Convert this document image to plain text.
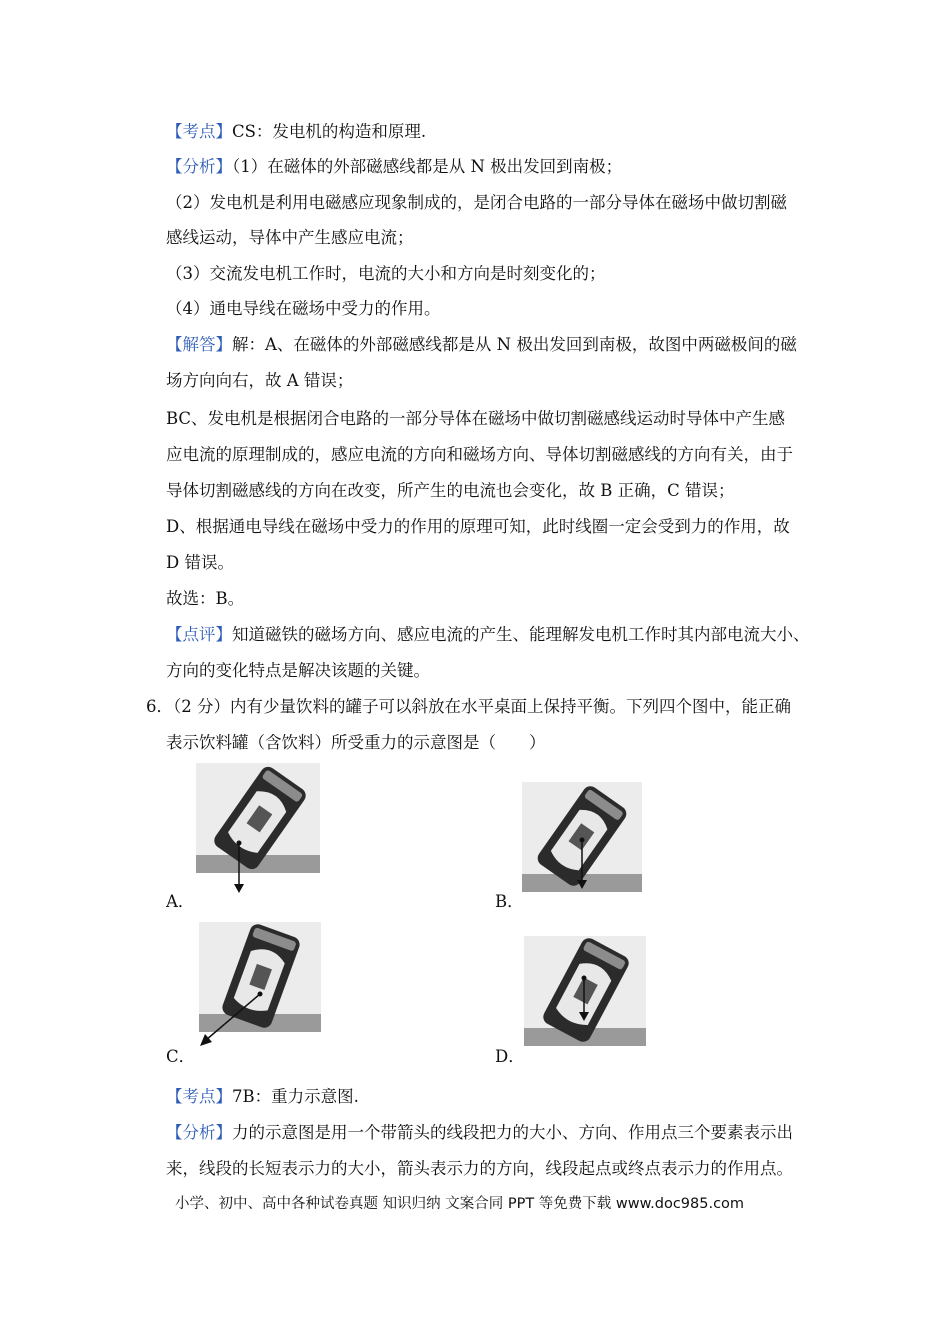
【考点】CS：发电机的构造和原理.
【分析】（1）在磁体的外部磁感线都是从 N 极出发回到南极；
（2）发电机是利用电磁感应现象制成的，是闭合电路的一部分导体在磁场中做切割磁
感线运动，导体中产生感应电流；
（3）交流发电机工作时，电流的大小和方向是时刻变化的；
（4）通电导线在磁场中受力的作用。
【解答】解：A、在磁体的外部磁感线都是从 N 极出发回到南极，故图中两磁极间的磁
场方向向右，故 A 错误；
BC、发电机是根据闭合电路的一部分导体在磁场中做切割磁感线运动时导体中产生感
应电流的原理制成的，感应电流的方向和磁场方向、导体切割磁感线的方向有关，由于
导体切割磁感线的方向在改变，所产生的电流也会变化，故 B 正确，C 错误；
D、根据通电导线在磁场中受力的作用的原理可知，此时线圈一定会受到力的作用，故
D 错误。
故选：B。
【点评】知道磁铁的磁场方向、感应电流的产生、能理解发电机工作时其内部电流大小、
方向的变化特点是解决该题的关键。
6．（2 分）内有少量饮料的罐子可以斜放在水平桌面上保持平衡。下列四个图中，能正确
表示饮料罐（含饮料）所受重力的示意图是（　　）
A．	B．
C．	D．
【考点】7B：重力示意图.
【分析】力的示意图是用一个带箭头的线段把力的大小、方向、作用点三个要素表示出
来，线段的长短表示力的大小，箭头表示力的方向，线段起点或终点表示力的作用点。
小学、初中、高中各种试卷真题 知识归纳 文案合同 PPT 等免费下载 www.doc985.com
